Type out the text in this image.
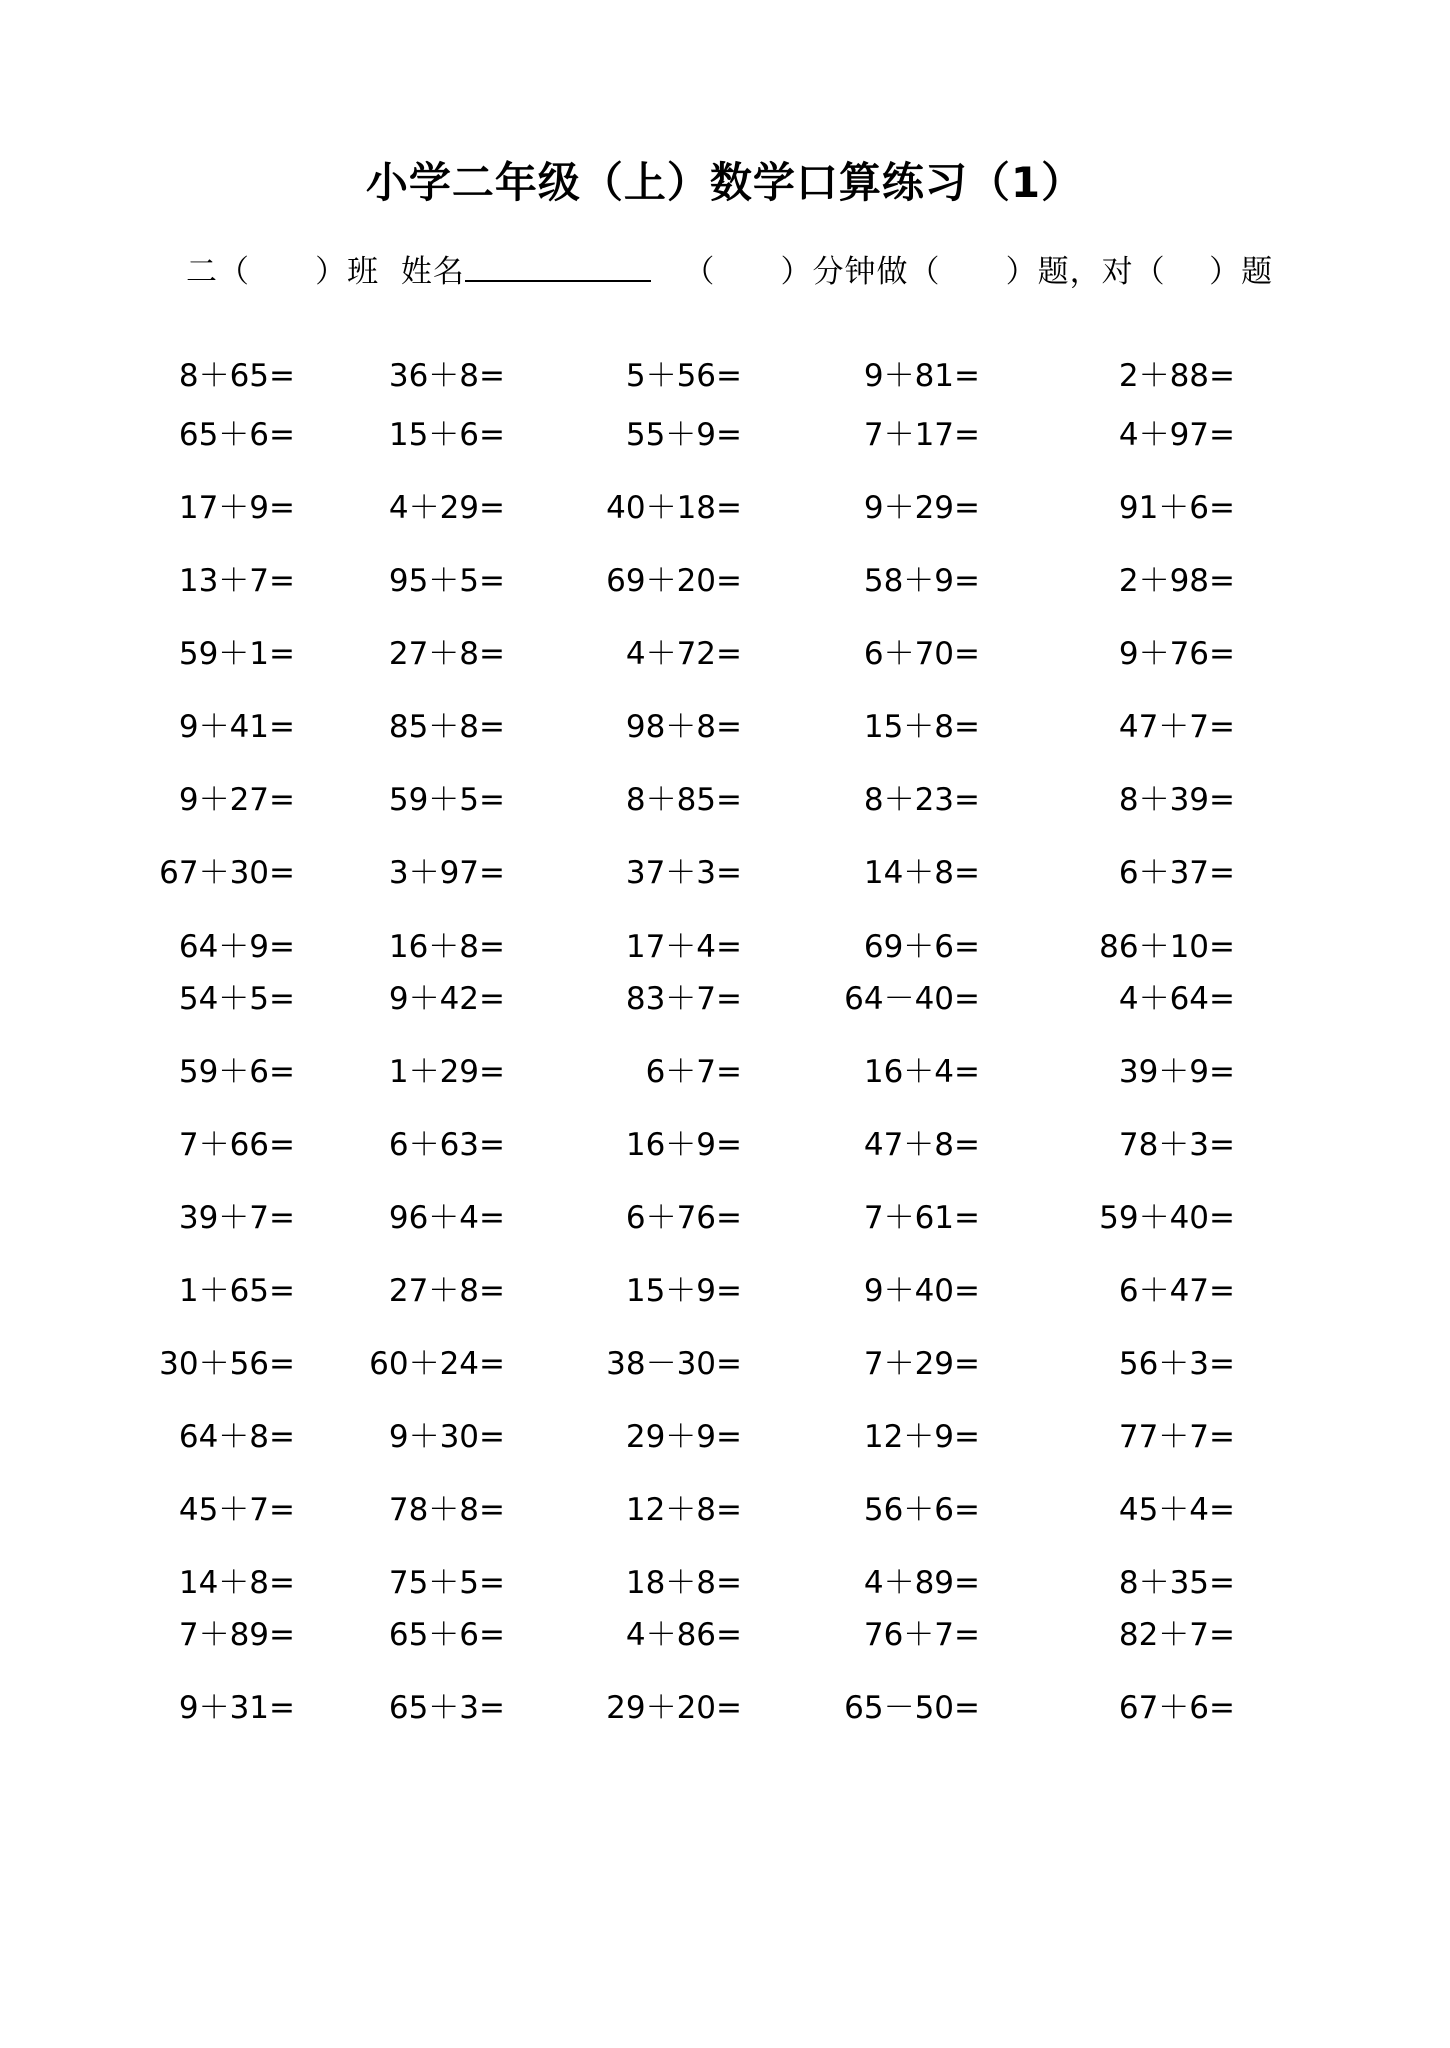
小学二年级（上）数学口算练习（1）
二（      ）班  姓名	（      ）分钟做（      ）题，对（    ）题
8＋65=	36＋8=	5＋56=	9＋81=	2＋88=
65＋6=	15＋6=	55＋9=	7＋17=	4＋97=
17＋9=	4＋29=	40＋18=	9＋29=	91＋6=
13＋7=	95＋5=	69＋20=	58＋9=	2＋98=
59＋1=	27＋8=	4＋72=	6＋70=	9＋76=
9＋41=	85＋8=	98＋8=	15＋8=	47＋7=
9＋27=	59＋5=	8＋85=	8＋23=	8＋39=
67＋30=	3＋97=	37＋3=	14＋8=	6＋37=
64＋9=	16＋8=	17＋4=	69＋6=	86＋10=
54＋5=	9＋42=	83＋7=	64－40=	4＋64=
59＋6=	1＋29=	6＋7=	16＋4=	39＋9=
7＋66=	6＋63=	16＋9=	47＋8=	78＋3=
39＋7=	96＋4=	6＋76=	7＋61=	59＋40=
1＋65=	27＋8=	15＋9=	9＋40=	6＋47=
30＋56= 60＋24=	38－30=	7＋29=	56＋3=
64＋8=	9＋30=	29＋9=	12＋9=	77＋7=
45＋7=	78＋8=	12＋8=	56＋6=	45＋4=
14＋8=	75＋5=	18＋8=	4＋89=	8＋35=
7＋89=	65＋6=	4＋86=	76＋7=	82＋7=
9＋31=	65＋3=	29＋20=	65－50=	67＋6=
